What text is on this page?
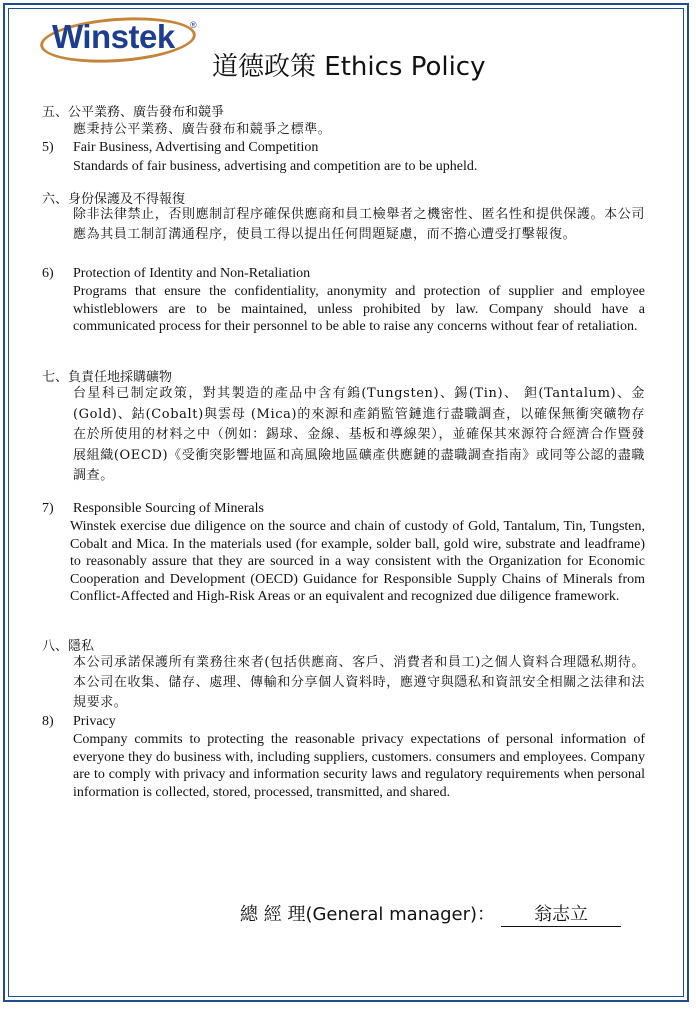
Winstek ®
道德政策 Ethics Policy
五、公平業務、廣告發布和競爭
應秉持公平業務、廣告發布和競爭之標準。
5) Fair Business, Advertising and Competition
Standards of fair business, advertising and competition are to be upheld.
六、身份保護及不得報復
除非法律禁止，否則應制訂程序確保供應商和員工檢舉者之機密性、匿名性和提供保護。本公司應為其員工制訂溝通程序，使員工得以提出任何問題疑慮，而不擔心遭受打擊報復。
6) Protection of Identity and Non-Retaliation
Programs that ensure the confidentiality, anonymity and protection of supplier and employee whistleblowers are to be maintained, unless prohibited by law. Company should have a communicated process for their personnel to be able to raise any concerns without fear of retaliation.
七、負責任地採購礦物
台星科已制定政策，對其製造的產品中含有鎢(Tungsten)、錫(Tin)、 鉭(Tantalum)、金(Gold)、鈷(Cobalt)與雲母 (Mica)的來源和產銷監管鏈進行盡職調查，以確保無衝突礦物存在於所使用的材料之中（例如：錫球、金線、基板和導線架），並確保其來源符合經濟合作暨發展組織(OECD)《受衝突影響地區和高風險地區礦產供應鏈的盡職調查指南》或同等公認的盡職調查。
7) Responsible Sourcing of Minerals
Winstek exercise due diligence on the source and chain of custody of Gold, Tantalum, Tin, Tungsten, Cobalt and Mica. In the materials used (for example, solder ball, gold wire, substrate and leadframe) to reasonably assure that they are sourced in a way consistent with the Organization for Economic Cooperation and Development (OECD) Guidance for Responsible Supply Chains of Minerals from Conflict-Affected and High-Risk Areas or an equivalent and recognized due diligence framework.
八、隱私
本公司承諾保護所有業務往來者(包括供應商、客戶、消費者和員工)之個人資料合理隱私期待。本公司在收集、儲存、處理、傳輸和分享個人資料時，應遵守與隱私和資訊安全相關之法律和法規要求。
8) Privacy
Company commits to protecting the reasonable privacy expectations of personal information of everyone they do business with, including suppliers, customers. consumers and employees. Company are to comply with privacy and information security laws and regulatory requirements when personal information is collected, stored, processed, transmitted, and shared.
總 經 理(General manager)： 翁志立
